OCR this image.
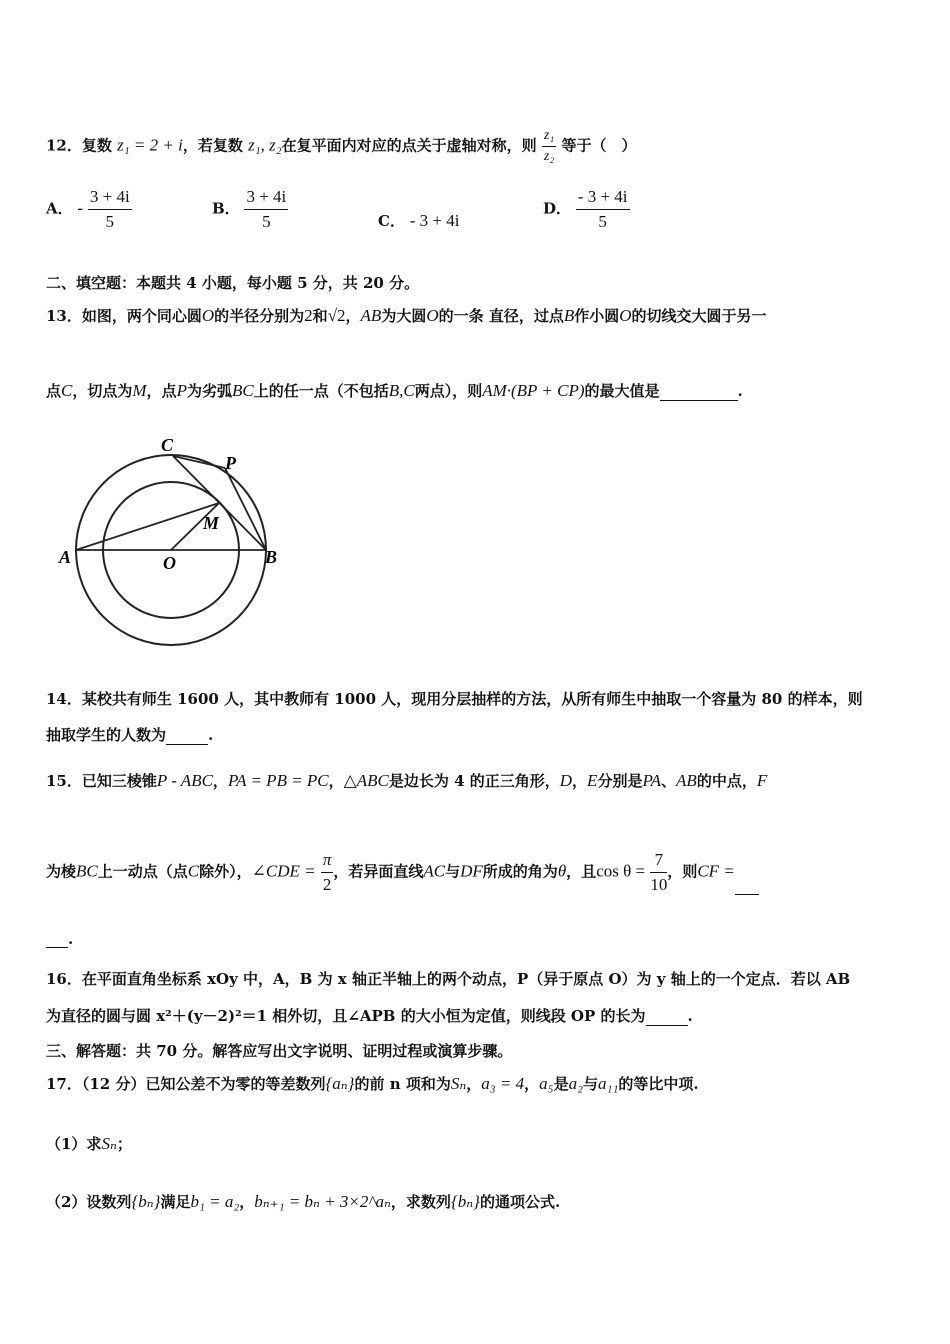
12．复数 z₁ = 2 + i，若复数 z₁, z₂在复平面内对应的点关于虚轴对称，则 $\frac{\text{z₁}}{\text{z₂}}$ 等于（　）
A． - $\frac{3 + 4i}{5}$	B． $\frac{3 + 4i}{5}$	C． - 3 + 4i
D． $\frac{- 3 + 4i}{5}$
二、填空题：本题共 4 小题，每小题 5 分，共 20 分。
13．如图，两个同心圆O的半径分别为2和√2，AB为大圆O的一条 直径，过点B作小圆O的切线交大圆于另一
点C，切点为M，点P为劣弧BC上的任一点（不包括B,C两点），则AM·(BP + CP)的最大值是	.
C
P
M
A	O	B
14．某校共有师生 1600 人，其中教师有 1000 人，现用分层抽样的方法，从所有师生中抽取一个容量为 80 的样本，则
抽取学生的人数为	.
15．已知三棱锥P - ABC，PA = PB = PC，△ABC是边长为 4 的正三角形，D，E分别是PA、AB的中点，F
为棱BC上一动点（点C除外），∠CDE = $\frac{\pi}{2}$ ，若异面直线AC与DF所成的角为θ，且$\cos \theta = \frac{7}{10}$ ，则CF =
.
16．在平面直角坐标系 xOy 中，A，B 为 x 轴正半轴上的两个动点，P（异于原点 O）为 y 轴上的一个定点．若以 AB
为直径的圆与圆 x²＋(y－2)²＝1 相外切，且∠APB 的大小恒为定值，则线段 OP 的长为	.
三、解答题：共 70 分。解答应写出文字说明、证明过程或演算步骤。
17．（12 分）已知公差不为零的等差数列{aₙ}的前 n 项和为Sₙ，a₃ = 4，a₅是a₂与a₁₁的等比中项.
（1）求Sₙ；
（2）设数列{bₙ}满足b₁ = a₂，bₙ₊₁ = bₙ + 3×2^aₙ，求数列{bₙ}的通项公式.
